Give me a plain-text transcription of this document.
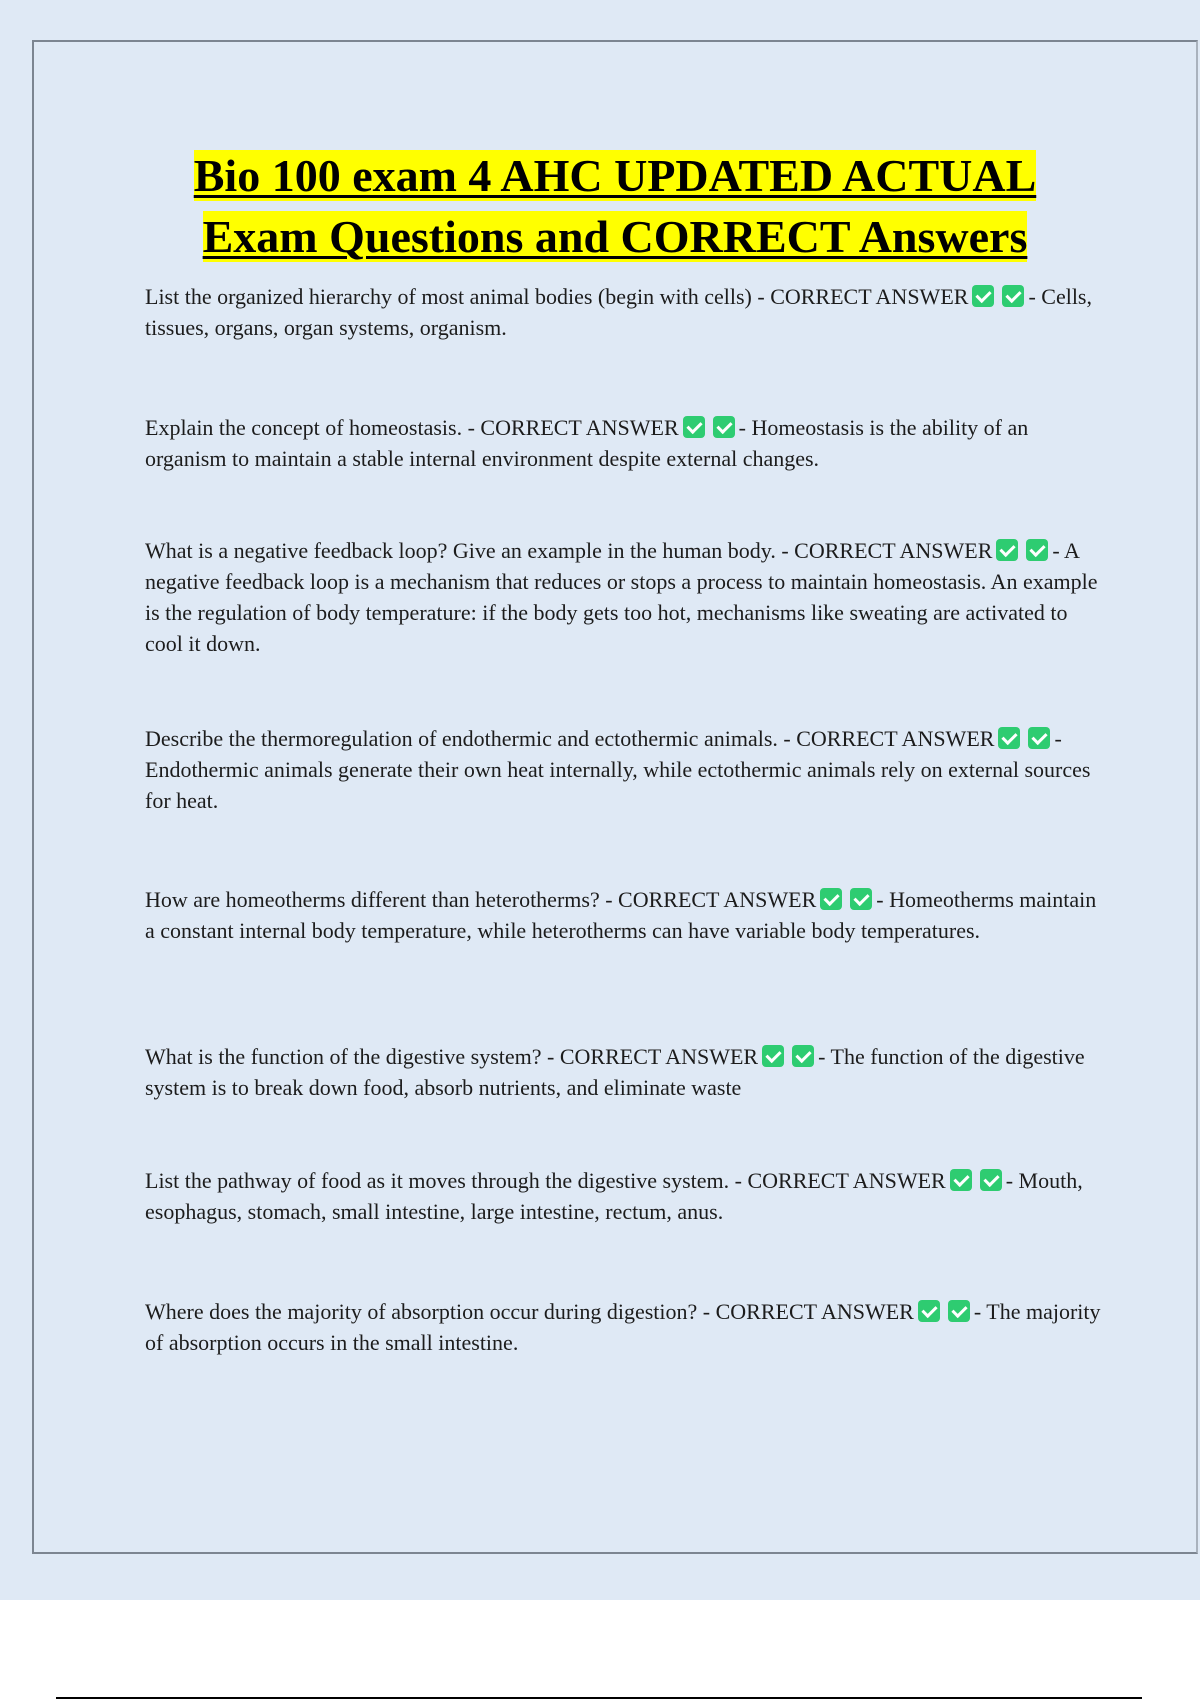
Bio 100 exam 4 AHC UPDATED ACTUAL
Exam Questions and CORRECT Answers

List the organized hierarchy of most animal bodies (begin with cells) - CORRECT ANSWER	- Cells, tissues, organs, organ systems, organism.

Explain the concept of homeostasis. - CORRECT ANSWER	- Homeostasis is the ability of an organism to maintain a stable internal environment despite external changes.

What is a negative feedback loop? Give an example in the human body. - CORRECT ANSWER	- A negative feedback loop is a mechanism that reduces or stops a process to maintain homeostasis. An example is the regulation of body temperature: if the body gets too hot, mechanisms like sweating are activated to cool it down.

Describe the thermoregulation of endothermic and ectothermic animals. - CORRECT ANSWER	- Endothermic animals generate their own heat internally, while ectothermic animals rely on external sources for heat.

How are homeotherms different than heterotherms? - CORRECT ANSWER	- Homeotherms maintain a constant internal body temperature, while heterotherms can have variable body temperatures.

What is the function of the digestive system? - CORRECT ANSWER	- The function of the digestive system is to break down food, absorb nutrients, and eliminate waste

List the pathway of food as it moves through the digestive system. - CORRECT ANSWER	- Mouth, esophagus, stomach, small intestine, large intestine, rectum, anus.

Where does the majority of absorption occur during digestion? - CORRECT ANSWER	- The majority of absorption occurs in the small intestine.
